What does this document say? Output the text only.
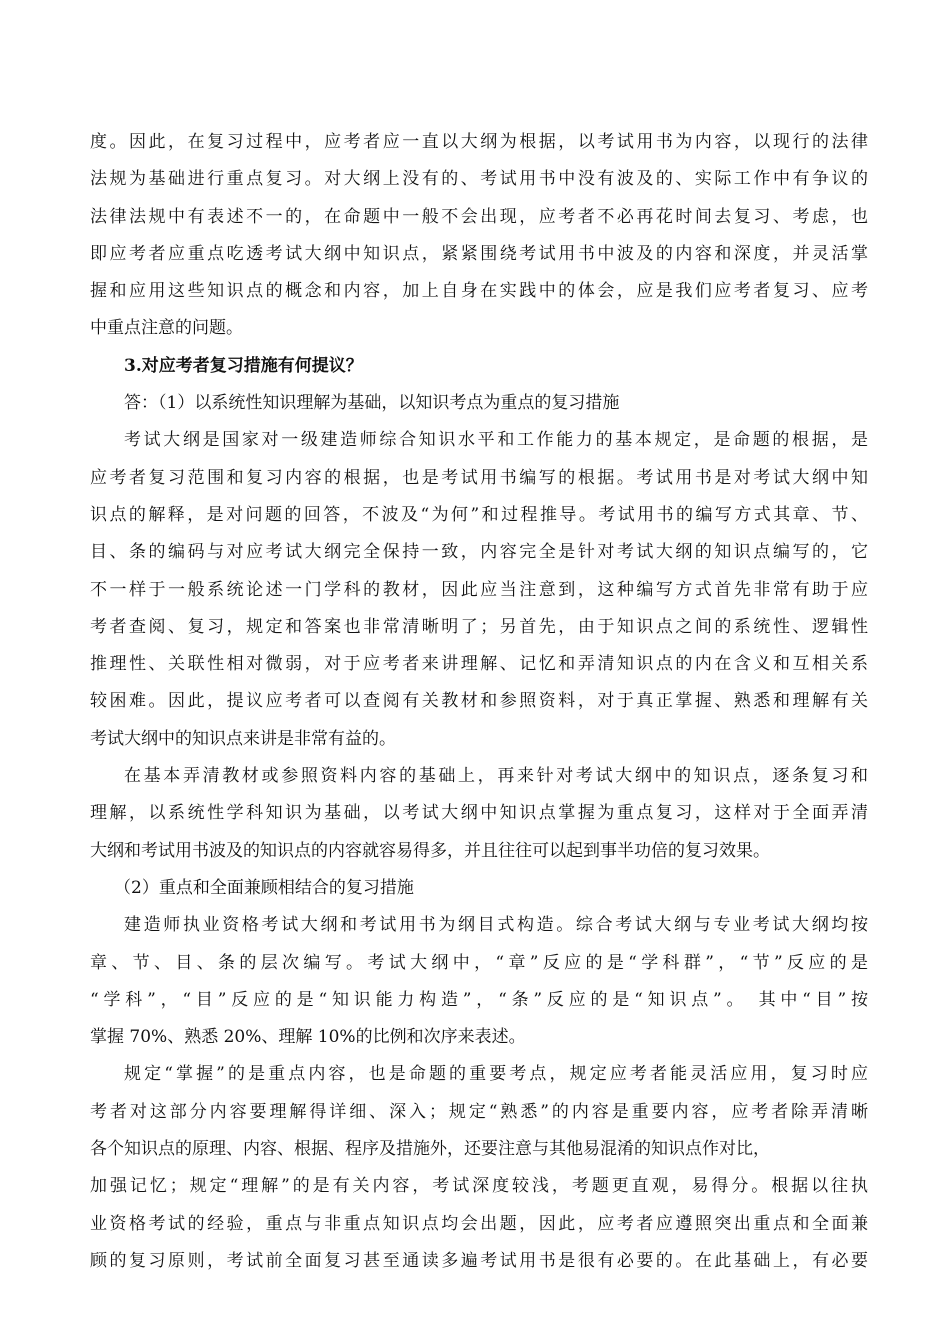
度。因此，在复习过程中，应考者应一直以大纲为根据，以考试用书为内容，以现行的法律
法规为基础进行重点复习。对大纲上没有的、考试用书中没有波及的、实际工作中有争议的
法律法规中有表述不一的，在命题中一般不会出现，应考者不必再花时间去复习、考虑，也
即应考者应重点吃透考试大纲中知识点，紧紧围绕考试用书中波及的内容和深度，并灵活掌
握和应用这些知识点的概念和内容，加上自身在实践中的体会，应是我们应考者复习、应考
中重点注意的问题。
3.对应考者复习措施有何提议？
答：（1）以系统性知识理解为基础，以知识考点为重点的复习措施
考试大纲是国家对一级建造师综合知识水平和工作能力的基本规定，是命题的根据，是
应考者复习范围和复习内容的根据，也是考试用书编写的根据。考试用书是对考试大纲中知
识点的解释，是对问题的回答，不波及“为何”和过程推导。考试用书的编写方式其章、节、
目、条的编码与对应考试大纲完全保持一致，内容完全是针对考试大纲的知识点编写的，它
不一样于一般系统论述一门学科的教材，因此应当注意到，这种编写方式首先非常有助于应
考者查阅、复习，规定和答案也非常清晰明了；另首先，由于知识点之间的系统性、逻辑性
推理性、关联性相对微弱，对于应考者来讲理解、记忆和弄清知识点的内在含义和互相关系
较困难。因此，提议应考者可以查阅有关教材和参照资料，对于真正掌握、熟悉和理解有关
考试大纲中的知识点来讲是非常有益的。
在基本弄清教材或参照资料内容的基础上，再来针对考试大纲中的知识点，逐条复习和
理解，以系统性学科知识为基础，以考试大纲中知识点掌握为重点复习，这样对于全面弄清
大纲和考试用书波及的知识点的内容就容易得多，并且往往可以起到事半功倍的复习效果。
（2）重点和全面兼顾相结合的复习措施
建造师执业资格考试大纲和考试用书为纲目式构造。综合考试大纲与专业考试大纲均按
章、节、目、条的层次编写。考试大纲中，“章”反应的是“学科群”，“节”反应的是
“学科”，“目”反应的是“知识能力构造”，“条”反应的是“知识点”。 其中“目”按
掌握 70%、熟悉 20%、理解 10%的比例和次序来表述。
规定“掌握”的是重点内容，也是命题的重要考点，规定应考者能灵活应用，复习时应
考者对这部分内容要理解得详细、深入；规定“熟悉”的内容是重要内容，应考者除弄清晰
各个知识点的原理、内容、根据、程序及措施外，还要注意与其他易混淆的知识点作对比，
加强记忆；规定“理解”的是有关内容，考试深度较浅，考题更直观，易得分。根据以往执
业资格考试的经验，重点与非重点知识点均会出题，因此，应考者应遵照突出重点和全面兼
顾的复习原则，考试前全面复习甚至通读多遍考试用书是很有必要的。在此基础上，有必要
